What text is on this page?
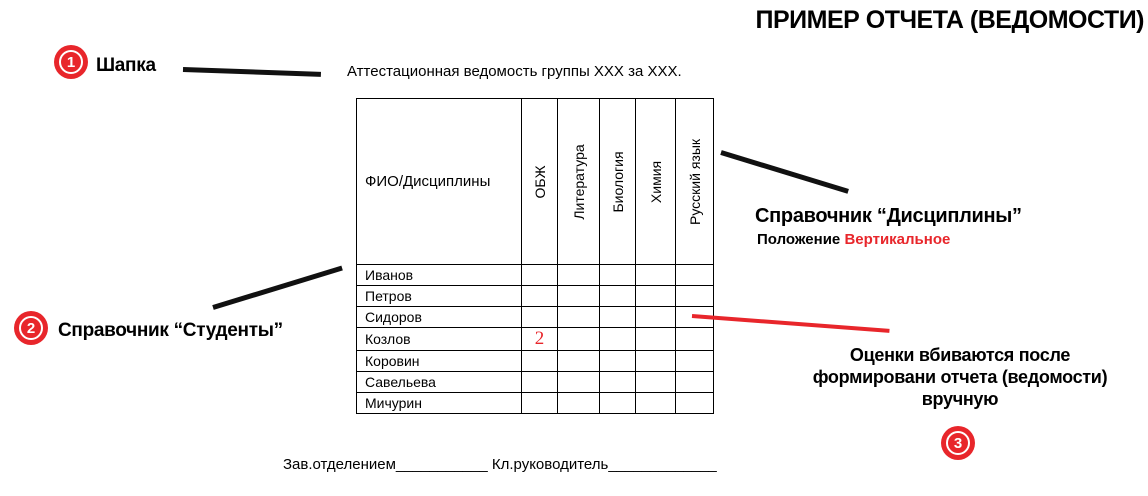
ПРИМЕР ОТЧЕТА (ВЕДОМОСТИ)
1	Шапка	Аттестационная ведомость группы XXX за XXX.
ФИО/Дисциплины	ОБЖ	Литература	Биология	Химия	Русский язык

Иванов					
Петров					
Сидоров					
Козлов	2				
Коровин					
Савельева					
Мичурин					
Справочник “Дисциплины”
Положение Вертикальное
2	Справочник “Студенты”
Оценки вбиваются после
формировани отчета (ведомости)
вручную
3
Зав.отделением___________ Кл.руководитель_____________
